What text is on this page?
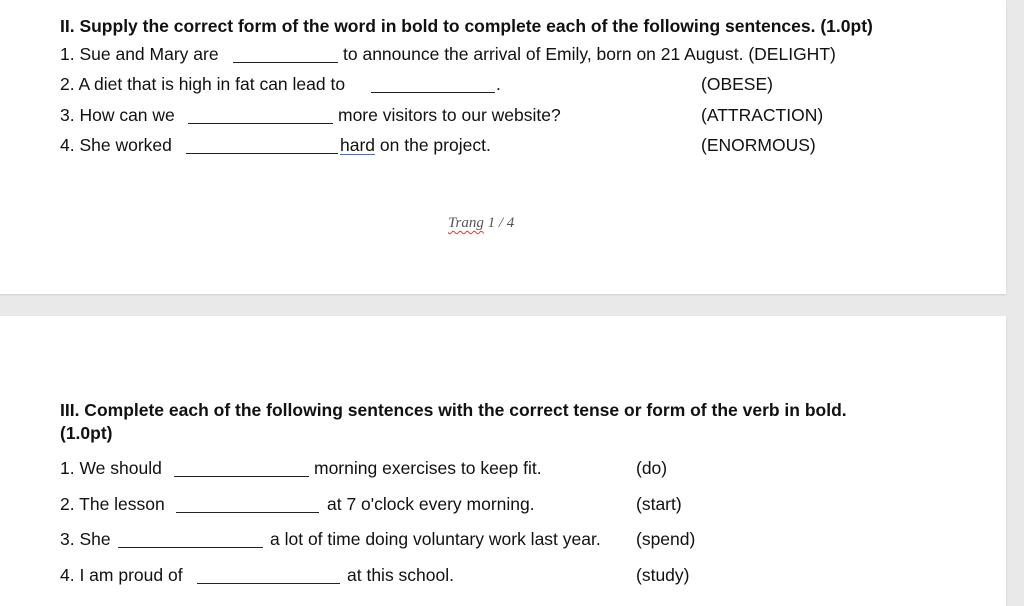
II. Supply the correct form of the word in bold to complete each of the following sentences. (1.0pt)
1. Sue and Mary are	to announce the arrival of Emily, born on 21 August. (DELIGHT)
2. A diet that is high in fat can lead to	.	(OBESE)
3. How can we	more visitors to our website?	(ATTRACTION)
4. She worked	hard on the project.	(ENORMOUS)
Trang 1 / 4
III. Complete each of the following sentences with the correct tense or form of the verb in bold.
(1.0pt)
1. We should	morning exercises to keep fit.	(do)
2. The lesson	at 7 o'clock every morning.	(start)
3. She	a lot of time doing voluntary work last year. (spend)
4. I am proud of	at this school.	(study)
